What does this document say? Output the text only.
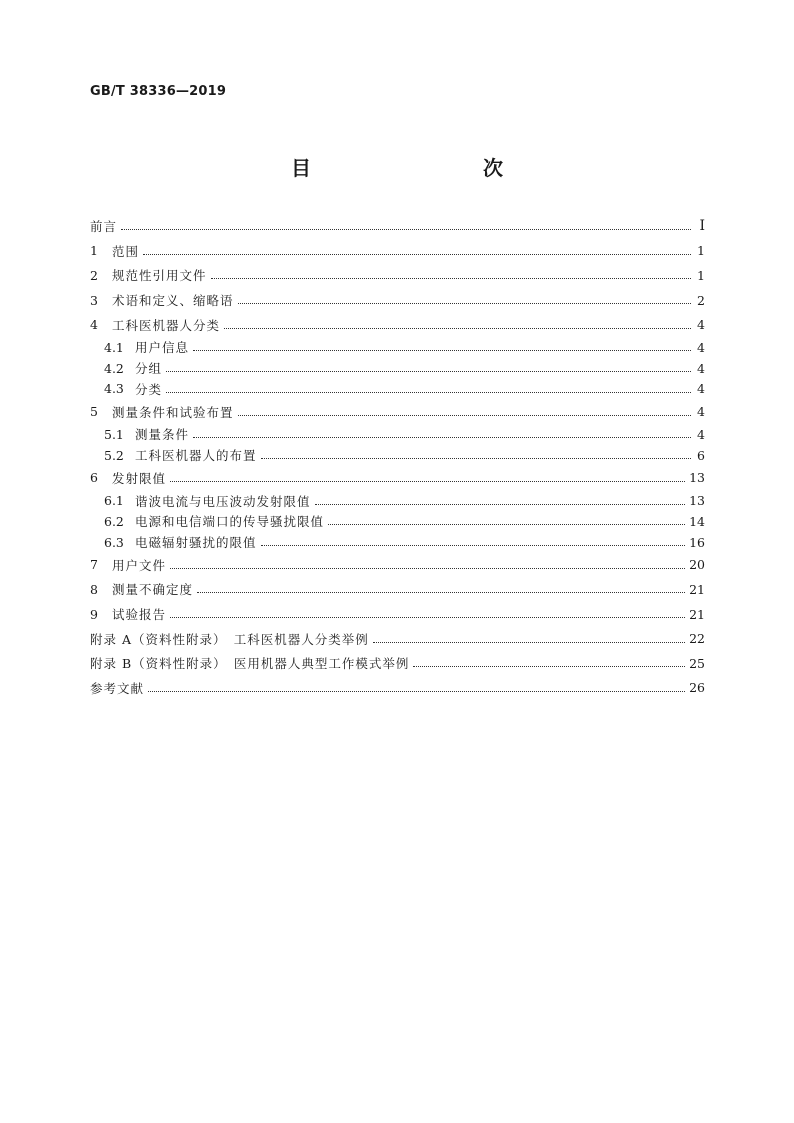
GB/T 38336—2019
目　　次
前言	Ⅰ
1	范围	1
2	规范性引用文件	1
3	术语和定义、缩略语	2
4	工科医机器人分类	4
4.1 用户信息	4
4.2 分组	4
4.3 分类	4
5	测量条件和试验布置	4
5.1 测量条件	4
5.2 工科医机器人的布置	6
6	发射限值	13
6.1 谐波电流与电压波动发射限值	13
6.2 电源和电信端口的传导骚扰限值	14
6.3 电磁辐射骚扰的限值	16
7	用户文件	20
8	测量不确定度	21
9	试验报告	21
附录 A（资料性附录）　工科医机器人分类举例	22
附录 B（资料性附录）　医用机器人典型工作模式举例	25
参考文献	26
